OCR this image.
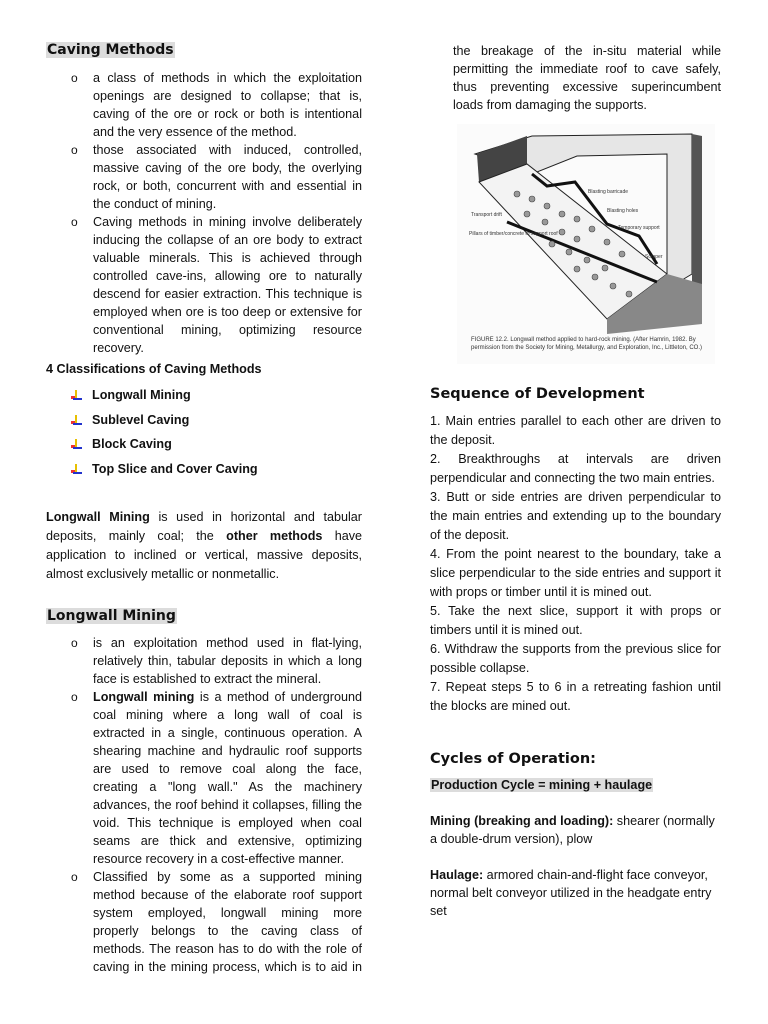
Caving Methods
o a class of methods in which the exploitation openings are designed to collapse; that is, caving of the ore or rock or both is intentional and the very essence of the method.
o those associated with induced, controlled, massive caving of the ore body, the overlying rock, or both, concurrent with and essential in the conduct of mining.
o Caving methods in mining involve deliberately inducing the collapse of an ore body to extract valuable minerals. This is achieved through controlled cave-ins, allowing ore to naturally descend for easier extraction. This technique is employed when ore is too deep or extensive for conventional mining, optimizing resource recovery.
4 Classifications of Caving Methods
Longwall Mining
Sublevel Caving
Block Caving
Top Slice and Cover Caving
Longwall Mining is used in horizontal and tabular deposits, mainly coal; the other methods have application to inclined or vertical, massive deposits, almost exclusively metallic or nonmetallic.
Longwall Mining
o is an exploitation method used in flat-lying, relatively thin, tabular deposits in which a long face is established to extract the mineral.
o Longwall mining is a method of underground coal mining where a long wall of coal is extracted in a single, continuous operation. A shearing machine and hydraulic roof supports are used to remove coal along the face, creating a "long wall." As the machinery advances, the roof behind it collapses, filling the void. This technique is employed when coal seams are thick and extensive, optimizing resource recovery in a cost-effective manner.
o Classified by some as a supported mining method because of the elaborate roof support system employed, longwall mining more properly belongs to the caving class of methods. The reason has to do with the role of caving in the mining process, which is to aid in
the breakage of the in-situ material while permitting the immediate roof to cave safely, thus preventing excessive superincumbent loads from damaging the supports.
Blasting barricade
Blasting holes
Temporary support
Transport drift
Pillars of timber/concrete to support roof
Scraper
FIGURE 12.2. Longwall method applied to hard-rock mining. (After Hamrin, 1982. By permission from the Society for Mining, Metallurgy, and Exploration, Inc., Littleton, CO.)
Sequence of Development
1. Main entries parallel to each other are driven to the deposit.
2. Breakthroughs at intervals are driven perpendicular and connecting the two main entries.
3. Butt or side entries are driven perpendicular to the main entries and extending up to the boundary of the deposit.
4. From the point nearest to the boundary, take a slice perpendicular to the side entries and support it with props or timber until it is mined out.
5. Take the next slice, support it with props or timbers until it is mined out.
6. Withdraw the supports from the previous slice for possible collapse.
7. Repeat steps 5 to 6 in a retreating fashion until the blocks are mined out.
Cycles of Operation:
Production Cycle = mining + haulage
Mining (breaking and loading): shearer (normally a double-drum version), plow
Haulage: armored chain-and-flight face conveyor, normal belt conveyor utilized in the headgate entry set
